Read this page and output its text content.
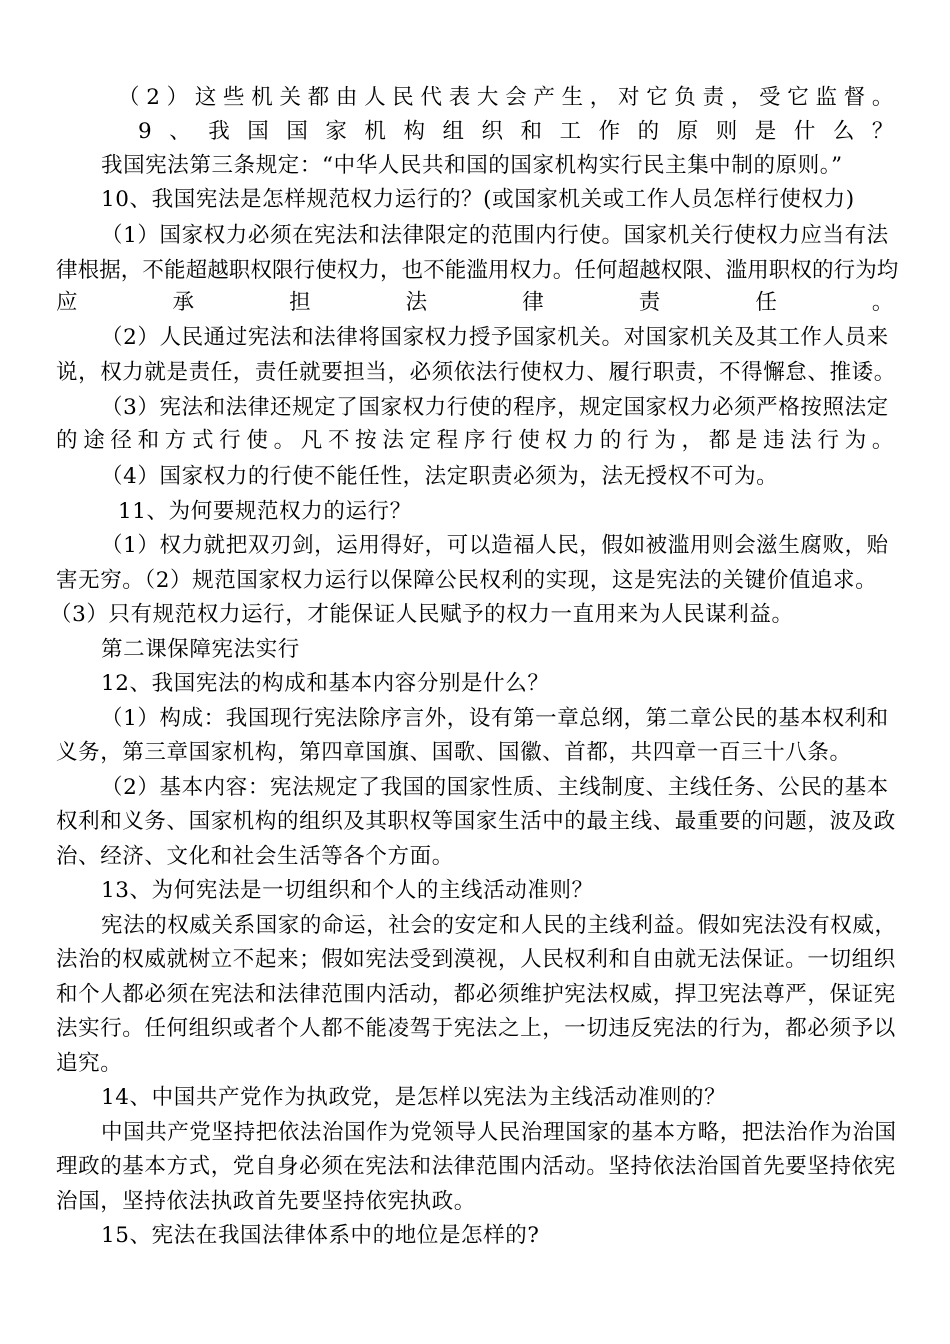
（2）这些机关都由人民代表大会产生，对它负责，受它监督。
9、我国国家机构组织和工作的原则是什么？
我国宪法第三条规定：“中华人民共和国的国家机构实行民主集中制的原则。”
10、我国宪法是怎样规范权力运行的？(或国家机关或工作人员怎样行使权力)
（1）国家权力必须在宪法和法律限定的范围内行使。国家机关行使权力应当有法
律根据，不能超越职权限行使权力，也不能滥用权力。任何超越权限、滥用职权的行为均
应承担法律责任。
（2）人民通过宪法和法律将国家权力授予国家机关。对国家机关及其工作人员来
说，权力就是责任，责任就要担当，必须依法行使权力、履行职责，不得懈怠、推诿。
（3）宪法和法律还规定了国家权力行使的程序，规定国家权力必须严格按照法定
的途径和方式行使。凡不按法定程序行使权力的行为，都是违法行为。
（4）国家权力的行使不能任性，法定职责必须为，法无授权不可为。
11、为何要规范权力的运行？
（1）权力就把双刃剑，运用得好，可以造福人民，假如被滥用则会滋生腐败，贻
害无穷。（2）规范国家权力运行以保障公民权利的实现，这是宪法的关键价值追求。
（3）只有规范权力运行，才能保证人民赋予的权力一直用来为人民谋利益。
第二课保障宪法实行
12、我国宪法的构成和基本内容分别是什么？
（1）构成：我国现行宪法除序言外，设有第一章总纲，第二章公民的基本权利和
义务，第三章国家机构，第四章国旗、国歌、国徽、首都，共四章一百三十八条。
（2）基本内容：宪法规定了我国的国家性质、主线制度、主线任务、公民的基本
权利和义务、国家机构的组织及其职权等国家生活中的最主线、最重要的问题，波及政
治、经济、文化和社会生活等各个方面。
13、为何宪法是一切组织和个人的主线活动准则？
宪法的权威关系国家的命运，社会的安定和人民的主线利益。假如宪法没有权威，
法治的权威就树立不起来；假如宪法受到漠视，人民权利和自由就无法保证。一切组织
和个人都必须在宪法和法律范围内活动，都必须维护宪法权威，捍卫宪法尊严，保证宪
法实行。任何组织或者个人都不能凌驾于宪法之上，一切违反宪法的行为，都必须予以
追究。
14、中国共产党作为执政党，是怎样以宪法为主线活动准则的？
中国共产党坚持把依法治国作为党领导人民治理国家的基本方略，把法治作为治国
理政的基本方式，党自身必须在宪法和法律范围内活动。坚持依法治国首先要坚持依宪
治国，坚持依法执政首先要坚持依宪执政。
15、宪法在我国法律体系中的地位是怎样的?
